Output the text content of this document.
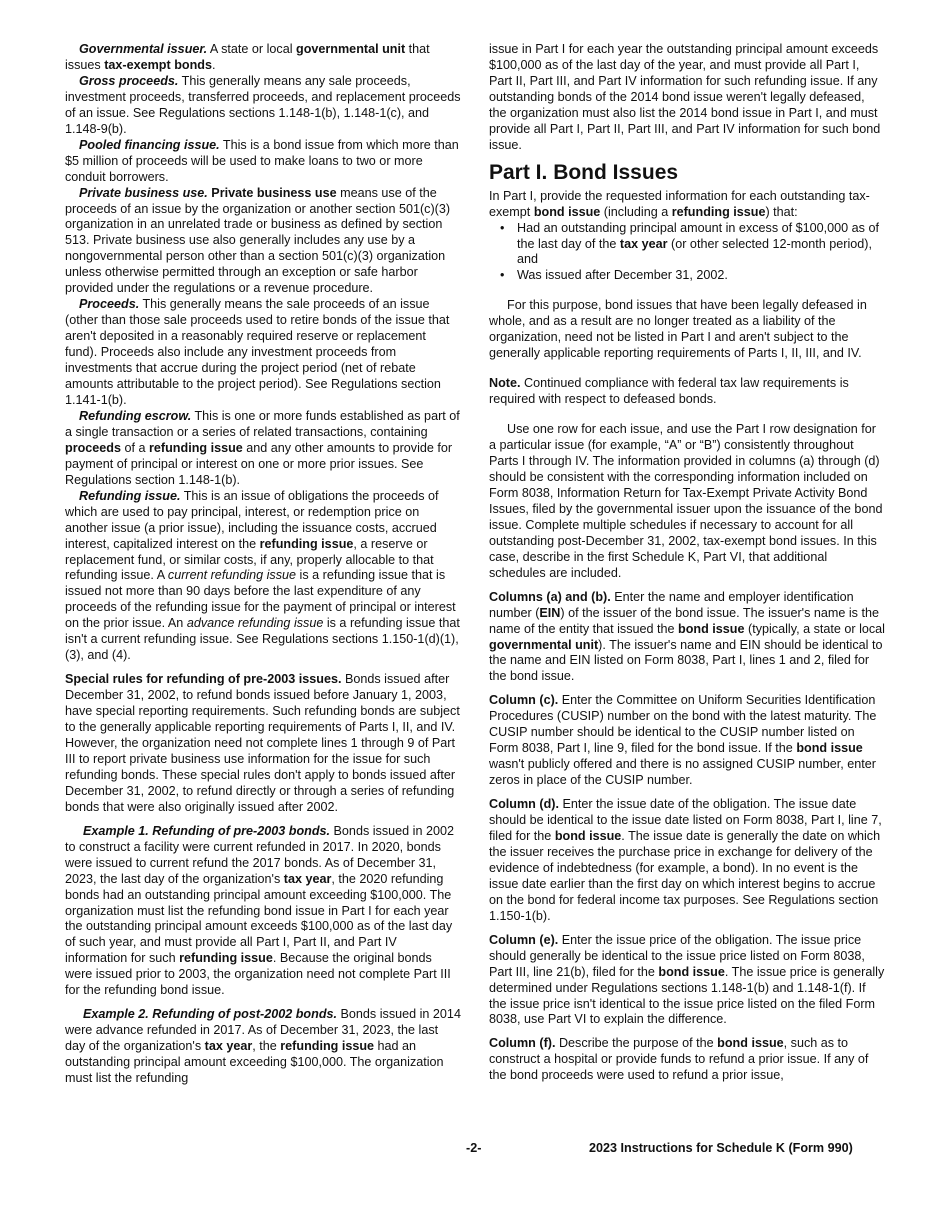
Governmental issuer. A state or local governmental unit that issues tax-exempt bonds.

Gross proceeds. This generally means any sale proceeds, investment proceeds, transferred proceeds, and replacement proceeds of an issue. See Regulations sections 1.148-1(b), 1.148-1(c), and 1.148-9(b).

Pooled financing issue. This is a bond issue from which more than $5 million of proceeds will be used to make loans to two or more conduit borrowers.

Private business use. Private business use means use of the proceeds of an issue by the organization or another section 501(c)(3) organization in an unrelated trade or business as defined by section 513. Private business use also generally includes any use by a nongovernmental person other than a section 501(c)(3) organization unless otherwise permitted through an exception or safe harbor provided under the regulations or a revenue procedure.

Proceeds. This generally means the sale proceeds of an issue (other than those sale proceeds used to retire bonds of the issue that aren't deposited in a reasonably required reserve or replacement fund). Proceeds also include any investment proceeds from investments that accrue during the project period (net of rebate amounts attributable to the project period). See Regulations section 1.141-1(b).

Refunding escrow. This is one or more funds established as part of a single transaction or a series of related transactions, containing proceeds of a refunding issue and any other amounts to provide for payment of principal or interest on one or more prior issues. See Regulations section 1.148-1(b).

Refunding issue. This is an issue of obligations the proceeds of which are used to pay principal, interest, or redemption price on another issue (a prior issue), including the issuance costs, accrued interest, capitalized interest on the refunding issue, a reserve or replacement fund, or similar costs, if any, properly allocable to that refunding issue. A current refunding issue is a refunding issue that is issued not more than 90 days before the last expenditure of any proceeds of the refunding issue for the payment of principal or interest on the prior issue. An advance refunding issue is a refunding issue that isn't a current refunding issue. See Regulations sections 1.150-1(d)(1), (3), and (4).

Special rules for refunding of pre-2003 issues. Bonds issued after December 31, 2002, to refund bonds issued before January 1, 2003, have special reporting requirements. Such refunding bonds are subject to the generally applicable reporting requirements of Parts I, II, and IV. However, the organization need not complete lines 1 through 9 of Part III to report private business use information for the issue for such refunding bonds. These special rules don't apply to bonds issued after December 31, 2002, to refund directly or through a series of refunding bonds that were also originally issued after 2002.

Example 1. Refunding of pre-2003 bonds. Bonds issued in 2002 to construct a facility were current refunded in 2017. In 2020, bonds were issued to current refund the 2017 bonds. As of December 31, 2023, the last day of the organization's tax year, the 2020 refunding bonds had an outstanding principal amount exceeding $100,000. The organization must list the refunding bond issue in Part I for each year the outstanding principal amount exceeds $100,000 as of the last day of such year, and must provide all Part I, Part II, and Part IV information for such refunding issue. Because the original bonds were issued prior to 2003, the organization need not complete Part III for the refunding bond issue.

Example 2. Refunding of post-2002 bonds. Bonds issued in 2014 were advance refunded in 2017. As of December 31, 2023, the last day of the organization's tax year, the refunding issue had an outstanding principal amount exceeding $100,000. The organization must list the refunding

issue in Part I for each year the outstanding principal amount exceeds $100,000 as of the last day of the year, and must provide all Part I, Part II, Part III, and Part IV information for such refunding issue. If any outstanding bonds of the 2014 bond issue weren't legally defeased, the organization must also list the 2014 bond issue in Part I, and must provide all Part I, Part II, Part III, and Part IV information for such bond issue.

Part I. Bond Issues

In Part I, provide the requested information for each outstanding tax-exempt bond issue (including a refunding issue) that:

• Had an outstanding principal amount in excess of $100,000 as of the last day of the tax year (or other selected 12-month period), and
• Was issued after December 31, 2002.

For this purpose, bond issues that have been legally defeased in whole, and as a result are no longer treated as a liability of the organization, need not be listed in Part I and aren't subject to the generally applicable reporting requirements of Parts I, II, III, and IV.

Note. Continued compliance with federal tax law requirements is required with respect to defeased bonds.

Use one row for each issue, and use the Part I row designation for a particular issue (for example, “A” or “B”) consistently throughout Parts I through IV. The information provided in columns (a) through (d) should be consistent with the corresponding information included on Form 8038, Information Return for Tax-Exempt Private Activity Bond Issues, filed by the governmental issuer upon the issuance of the bond issue. Complete multiple schedules if necessary to account for all outstanding post-December 31, 2002, tax-exempt bond issues. In this case, describe in the first Schedule K, Part VI, that additional schedules are included.

Columns (a) and (b). Enter the name and employer identification number (EIN) of the issuer of the bond issue. The issuer's name is the name of the entity that issued the bond issue (typically, a state or local governmental unit). The issuer's name and EIN should be identical to the name and EIN listed on Form 8038, Part I, lines 1 and 2, filed for the bond issue.

Column (c). Enter the Committee on Uniform Securities Identification Procedures (CUSIP) number on the bond with the latest maturity. The CUSIP number should be identical to the CUSIP number listed on Form 8038, Part I, line 9, filed for the bond issue. If the bond issue wasn't publicly offered and there is no assigned CUSIP number, enter zeros in place of the CUSIP number.

Column (d). Enter the issue date of the obligation. The issue date should be identical to the issue date listed on Form 8038, Part I, line 7, filed for the bond issue. The issue date is generally the date on which the issuer receives the purchase price in exchange for delivery of the evidence of indebtedness (for example, a bond). In no event is the issue date earlier than the first day on which interest begins to accrue on the bond for federal income tax purposes. See Regulations section 1.150-1(b).

Column (e). Enter the issue price of the obligation. The issue price should generally be identical to the issue price listed on Form 8038, Part III, line 21(b), filed for the bond issue. The issue price is generally determined under Regulations sections 1.148-1(b) and 1.148-1(f). If the issue price isn't identical to the issue price listed on the filed Form 8038, use Part VI to explain the difference.

Column (f). Describe the purpose of the bond issue, such as to construct a hospital or provide funds to refund a prior issue. If any of the bond proceeds were used to refund a prior issue,

-2-	2023 Instructions for Schedule K (Form 990)
